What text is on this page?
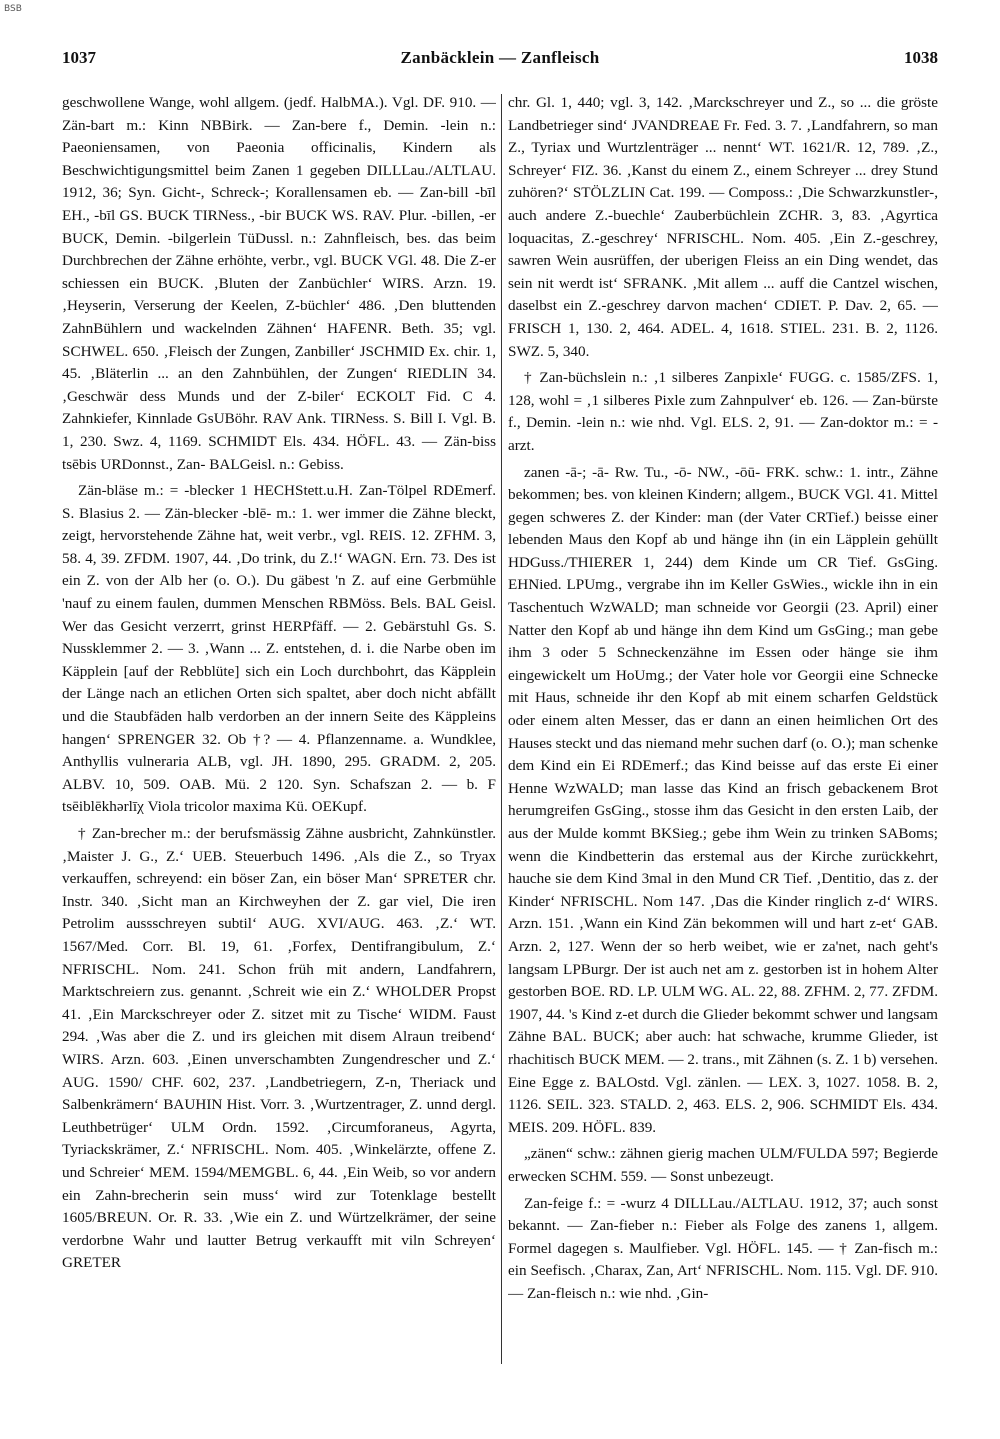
BSB
1037	Zanbäcklein — Zanfleisch	1038

geschwollene Wange, wohl allgem. (jedf. HalbMA.). Vgl. DF. 910. — Zän-bart m.: Kinn NBBirk. — Zan-bere f., Demin. -lein n.: Paeoniensamen, von Paeonia officinalis, Kindern als Beschwichtigungsmittel beim Zanen 1 gegeben DILLLau./ALTLAU. 1912, 36; Syn. Gicht-, Schreck-; Korallensamen eb. — Zan-bill -bīl EH., -bīl GS. BUCK TIRNess., -bir BUCK WS. RAV. Plur. -billen, -er BUCK, Demin. -bilgerlein TüDussl. n.: Zahnfleisch, bes. das beim Durchbrechen der Zähne erhöhte, verbr., vgl. BUCK VGl. 48. Die Z-er schiessen ein BUCK. ‚Bluten der Zanbüchler‘ WIRS. Arzn. 19. ‚Heyserin, Verserung der Keelen, Z-büchler‘ 486. ‚Den bluttenden ZahnBühlern und wackelnden Zähnen‘ HAFENR. Beth. 35; vgl. SCHWEL. 650. ‚Fleisch der Zungen, Zanbiller‘ JSCHMID Ex. chir. 1, 45. ‚Bläterlin ... an den Zahnbühlen, der Zungen‘ RIEDLIN 34. ‚Geschwär dess Munds und der Z-biler‘ ECKOLT Fid. C 4. Zahnkiefer, Kinnlade GsUBöhr. RAV Ank. TIRNess. S. Bill I. Vgl. B. 1, 230. Swz. 4, 1169. SCHMIDT Els. 434. HÖFL. 43. — Zän-biss tsēbis URDonnst., Zan- BALGeisl. n.: Gebiss.

Zän-bläse m.: = -blecker 1 HECHStett.u.H. Zan-Tölpel RDEmerf. S. Blasius 2. — Zän-blecker -blē- m.: 1. wer immer die Zähne bleckt, zeigt, hervorstehende Zähne hat, weit verbr., vgl. REIS. 12. ZFHM. 3, 58. 4, 39. ZFDM. 1907, 44. ‚Do trink, du Z.!‘ WAGN. Ern. 73. Des ist ein Z. von der Alb her (o. O.). Du gäbest 'n Z. auf eine Gerbmühle 'nauf zu einem faulen, dummen Menschen RBMöss. Bels. BAL Geisl. Wer das Gesicht verzerrt, grinst HERPfäff. — 2. Gebärstuhl Gs. S. Nussklemmer 2. — 3. ‚Wann ... Z. entstehen, d. i. die Narbe oben im Käpplein [auf der Rebblüte] sich ein Loch durchbohrt, das Käpplein der Länge nach an etlichen Orten sich spaltet, aber doch nicht abfällt und die Staubfäden halb verdorben an der innern Seite des Käppleins hangen‘ SPRENGER 32. Ob †? — 4. Pflanzenname. a. Wundklee, Anthyllis vulneraria ALB, vgl. JH. 1890, 295. GRADM. 2, 205. ALBV. 10, 509. OAB. Mü. 2 120. Syn. Schafszan 2. — b. F tsēiblēkhərlīχ Viola tricolor maxima Kü. OEKupf.

† Zan-brecher m.: der berufsmässig Zähne ausbricht, Zahnkünstler. ‚Maister J. G., Z.‘ UEB. Steuerbuch 1496. ‚Als die Z., so Tryax verkauffen, schreyend: ein böser Zan, ein böser Man‘ SPRETER chr. Instr. 340. ‚Sicht man an Kirchweyhen der Z. gar viel, Die iren Petrolim aussschreyen subtil‘ AUG. XVI/AUG. 463. ‚Z.‘ WT. 1567/Med. Corr. Bl. 19, 61. ‚Forfex, Dentifrangibulum, Z.‘ NFRISCHL. Nom. 241. Schon früh mit andern, Landfahrern, Marktschreiern zus. genannt. ‚Schreit wie ein Z.‘ WHOLDER Propst 41. ‚Ein Marckschreyer oder Z. sitzet mit zu Tische‘ WIDM. Faust 294. ‚Was aber die Z. und irs gleichen mit disem Alraun treibend‘ WIRS. Arzn. 603. ‚Einen unverschambten Zungendrescher und Z.‘ AUG. 1590/ CHF. 602, 237. ‚Landbetriegern, Z-n, Theriack und Salbenkrämern‘ BAUHIN Hist. Vorr. 3. ‚Wurtzentrager, Z. unnd dergl. Leuthbetrüger‘ ULM Ordn. 1592. ‚Circumforaneus, Agyrta, Tyriackskrämer, Z.‘ NFRISCHL. Nom. 405. ‚Winkelärzte, offene Z. und Schreier‘ MEM. 1594/MEMGBL. 6, 44. ‚Ein Weib, so vor andern ein Zahn-brecherin sein muss‘ wird zur Totenklage bestellt 1605/BREUN. Or. R. 33. ‚Wie ein Z. und Würtzelkrämer, der seine verdorbne Wahr und lautter Betrug verkaufft mit viln Schreyen‘ GRETER

chr. Gl. 1, 440; vgl. 3, 142. ‚Marckschreyer und Z., so ... die gröste Landbetrieger sind‘ JVANDREAE Fr. Fed. 3. 7. ‚Landfahrern, so man Z., Tyriax und Wurtzlenträger ... nennt‘ WT. 1621/R. 12, 789. ‚Z., Schreyer‘ FIZ. 36. ‚Kanst du einem Z., einem Schreyer ... drey Stund zuhören?‘ STÖLZLIN Cat. 199. — Composs.: ‚Die Schwarzkunstler-, auch andere Z.-buechle‘ Zauberbüchlein ZCHR. 3, 83. ‚Agyrtica loquacitas, Z.-geschrey‘ NFRISCHL. Nom. 405. ‚Ein Z.-geschrey, sawren Wein ausrüffen, der uberigen Fleiss an ein Ding wendet, das sein nit werdt ist‘ SFRANK. ‚Mit allem ... auff die Cantzel wischen, daselbst ein Z.-geschrey darvon machen‘ CDIET. P. Dav. 2, 65. — FRISCH 1, 130. 2, 464. ADEL. 4, 1618. STIEL. 231. B. 2, 1126. SWZ. 5, 340.

† Zan-büchslein n.: ‚1 silberes Zanpixle‘ FUGG. c. 1585/ZFS. 1, 128, wohl = ‚1 silberes Pixle zum Zahnpulver‘ eb. 126. — Zan-bürste f., Demin. -lein n.: wie nhd. Vgl. ELS. 2, 91. — Zan-doktor m.: = -arzt.

zanen -ā-; -ā- Rw. Tu., -ō- NW., -ōū- FRK. schw.: 1. intr., Zähne bekommen; bes. von kleinen Kindern; allgem., BUCK VGl. 41. Mittel gegen schweres Z. der Kinder: man (der Vater CRTief.) beisse einer lebenden Maus den Kopf ab und hänge ihn (in ein Läpplein gehüllt HDGuss./THIERER 1, 244) dem Kinde um CR Tief. GsGing. EHNied. LPUmg., vergrabe ihn im Keller GsWies., wickle ihn in ein Taschentuch WzWALD; man schneide vor Georgii (23. April) einer Natter den Kopf ab und hänge ihn dem Kind um GsGing.; man gebe ihm 3 oder 5 Schneckenzähne im Essen oder hänge sie ihm eingewickelt um HoUmg.; der Vater hole vor Georgii eine Schnecke mit Haus, schneide ihr den Kopf ab mit einem scharfen Geldstück oder einem alten Messer, das er dann an einen heimlichen Ort des Hauses steckt und das niemand mehr suchen darf (o. O.); man schenke dem Kind ein Ei RDEmerf.; das Kind beisse auf das erste Ei einer Henne WzWALD; man lasse das Kind an frisch gebackenem Brot herumgreifen GsGing., stosse ihm das Gesicht in den ersten Laib, der aus der Mulde kommt BKSieg.; gebe ihm Wein zu trinken SABoms; wenn die Kindbetterin das erstemal aus der Kirche zurückkehrt, hauche sie dem Kind 3mal in den Mund CR Tief. ‚Dentitio, das z. der Kinder‘ NFRISCHL. Nom 147. ‚Das die Kinder ringlich z-d‘ WIRS. Arzn. 151. ‚Wann ein Kind Zän bekommen will und hart z-et‘ GAB. Arzn. 2, 127. Wenn der so herb weibet, wie er za'net, nach geht's langsam LPBurgr. Der ist auch net am z. gestorben ist in hohem Alter gestorben BOE. RD. LP. ULM WG. AL. 22, 88. ZFHM. 2, 77. ZFDM. 1907, 44. 's Kind z-et durch die Glieder bekommt schwer und langsam Zähne BAL. BUCK; aber auch: hat schwache, krumme Glieder, ist rhachitisch BUCK MEM. — 2. trans., mit Zähnen (s. Z. 1 b) versehen. Eine Egge z. BALOstd. Vgl. zänlen. — LEX. 3, 1027. 1058. B. 2, 1126. SEIL. 323. STALD. 2, 463. ELS. 2, 906. SCHMIDT Els. 434. MEIS. 209. HÖFL. 839.

„zänen“ schw.: zähnen gierig machen ULM/FULDA 597; Begierde erwecken SCHM. 559. — Sonst unbezeugt.

Zan-feige f.: = -wurz 4 DILLLau./ALTLAU. 1912, 37; auch sonst bekannt. — Zan-fieber n.: Fieber als Folge des zanens 1, allgem. Formel dagegen s. Maulfieber. Vgl. HÖFL. 145. — † Zan-fisch m.: ein Seefisch. ‚Charax, Zan, Art‘ NFRISCHL. Nom. 115. Vgl. DF. 910. — Zan-fleisch n.: wie nhd. ‚Gin-
